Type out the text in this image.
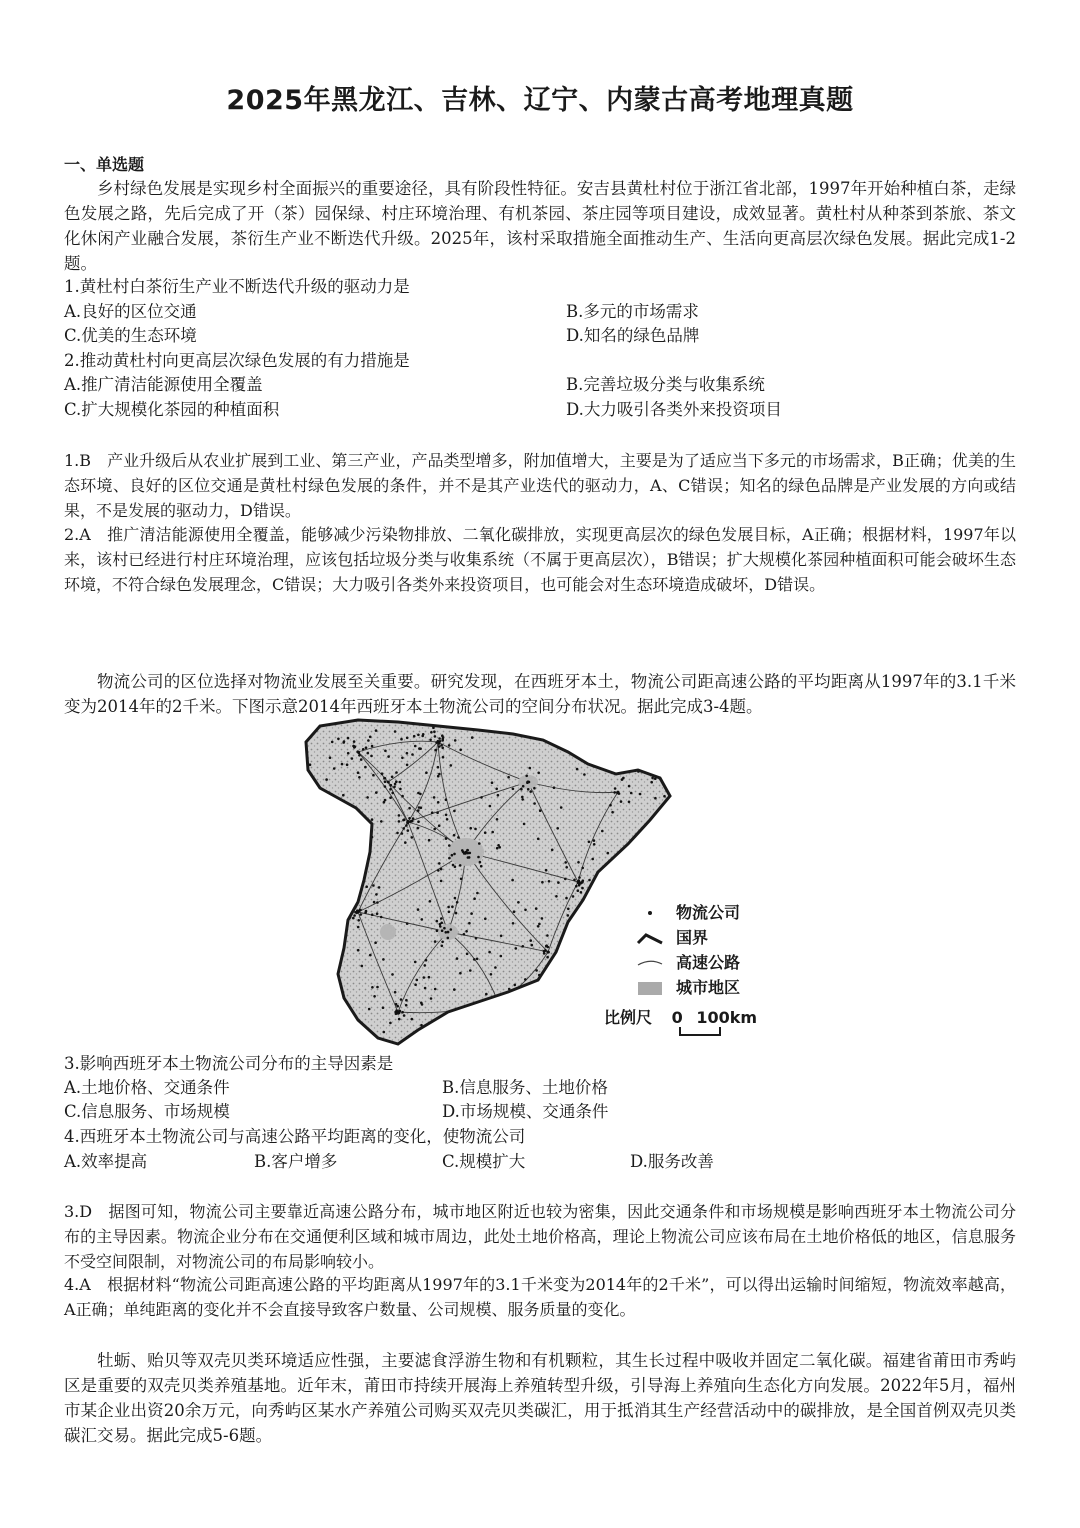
2025年黑龙江、吉林、辽宁、内蒙古高考地理真题
一、单选题

乡村绿色发展是实现乡村全面振兴的重要途径，具有阶段性特征。安吉县黄杜村位于浙江省北部，1997年开始种植白茶，走绿色发展之路，先后完成了开（茶）园保绿、村庄环境治理、有机茶园、茶庄园等项目建设，成效显著。黄杜村从种茶到茶旅、茶文化休闲产业融合发展，茶衍生产业不断迭代升级。2025年，该村采取措施全面推动生产、生活向更高层次绿色发展。据此完成1-2题。

1.黄杜村白茶衍生产业不断迭代升级的驱动力是
A.良好的区位交通	B.多元的市场需求
C.优美的生态环境	D.知名的绿色品牌
2.推动黄杜村向更高层次绿色发展的有力措施是
A.推广清洁能源使用全覆盖	B.完善垃圾分类与收集系统
C.扩大规模化茶园的种植面积	D.大力吸引各类外来投资项目

1.B　产业升级后从农业扩展到工业、第三产业，产品类型增多，附加值增大，主要是为了适应当下多元的市场需求，B正确；优美的生态环境、良好的区位交通是黄杜村绿色发展的条件，并不是其产业迭代的驱动力，A、C错误；知名的绿色品牌是产业发展的方向或结果，不是发展的驱动力，D错误。

2.A　推广清洁能源使用全覆盖，能够减少污染物排放、二氧化碳排放，实现更高层次的绿色发展目标，A正确；根据材料，1997年以来，该村已经进行村庄环境治理，应该包括垃圾分类与收集系统（不属于更高层次），B错误；扩大规模化茶园种植面积可能会破坏生态环境，不符合绿色发展理念，C错误；大力吸引各类外来投资项目，也可能会对生态环境造成破坏，D错误。

物流公司的区位选择对物流业发展至关重要。研究发现，在西班牙本土，物流公司距高速公路的平均距离从1997年的3.1千米变为2014年的2千米。下图示意2014年西班牙本土物流公司的空间分布状况。据此完成3-4题。

物流公司
国界
高速公路
城市地区
比例尺 0 100km
3.影响西班牙本土物流公司分布的主导因素是
A.土地价格、交通条件	B.信息服务、土地价格
C.信息服务、市场规模	D.市场规模、交通条件
4.西班牙本土物流公司与高速公路平均距离的变化，使物流公司
A.效率提高	B.客户增多	C.规模扩大	D.服务改善

3.D　据图可知，物流公司主要靠近高速公路分布，城市地区附近也较为密集，因此交通条件和市场规模是影响西班牙本土物流公司分布的主导因素。物流企业分布在交通便利区域和城市周边，此处土地价格高，理论上物流公司应该布局在土地价格低的地区，信息服务不受空间限制，对物流公司的布局影响较小。

4.A　根据材料“物流公司距高速公路的平均距离从1997年的3.1千米变为2014年的2千米”，可以得出运输时间缩短，物流效率越高，A正确；单纯距离的变化并不会直接导致客户数量、公司规模、服务质量的变化。

牡蛎、贻贝等双壳贝类环境适应性强，主要滤食浮游生物和有机颗粒，其生长过程中吸收并固定二氧化碳。福建省莆田市秀屿区是重要的双壳贝类养殖基地。近年末，莆田市持续开展海上养殖转型升级，引导海上养殖向生态化方向发展。2022年5月，福州市某企业出资20余万元，向秀屿区某水产养殖公司购买双壳贝类碳汇，用于抵消其生产经营活动中的碳排放，是全国首例双壳贝类碳汇交易。据此完成5-6题。
